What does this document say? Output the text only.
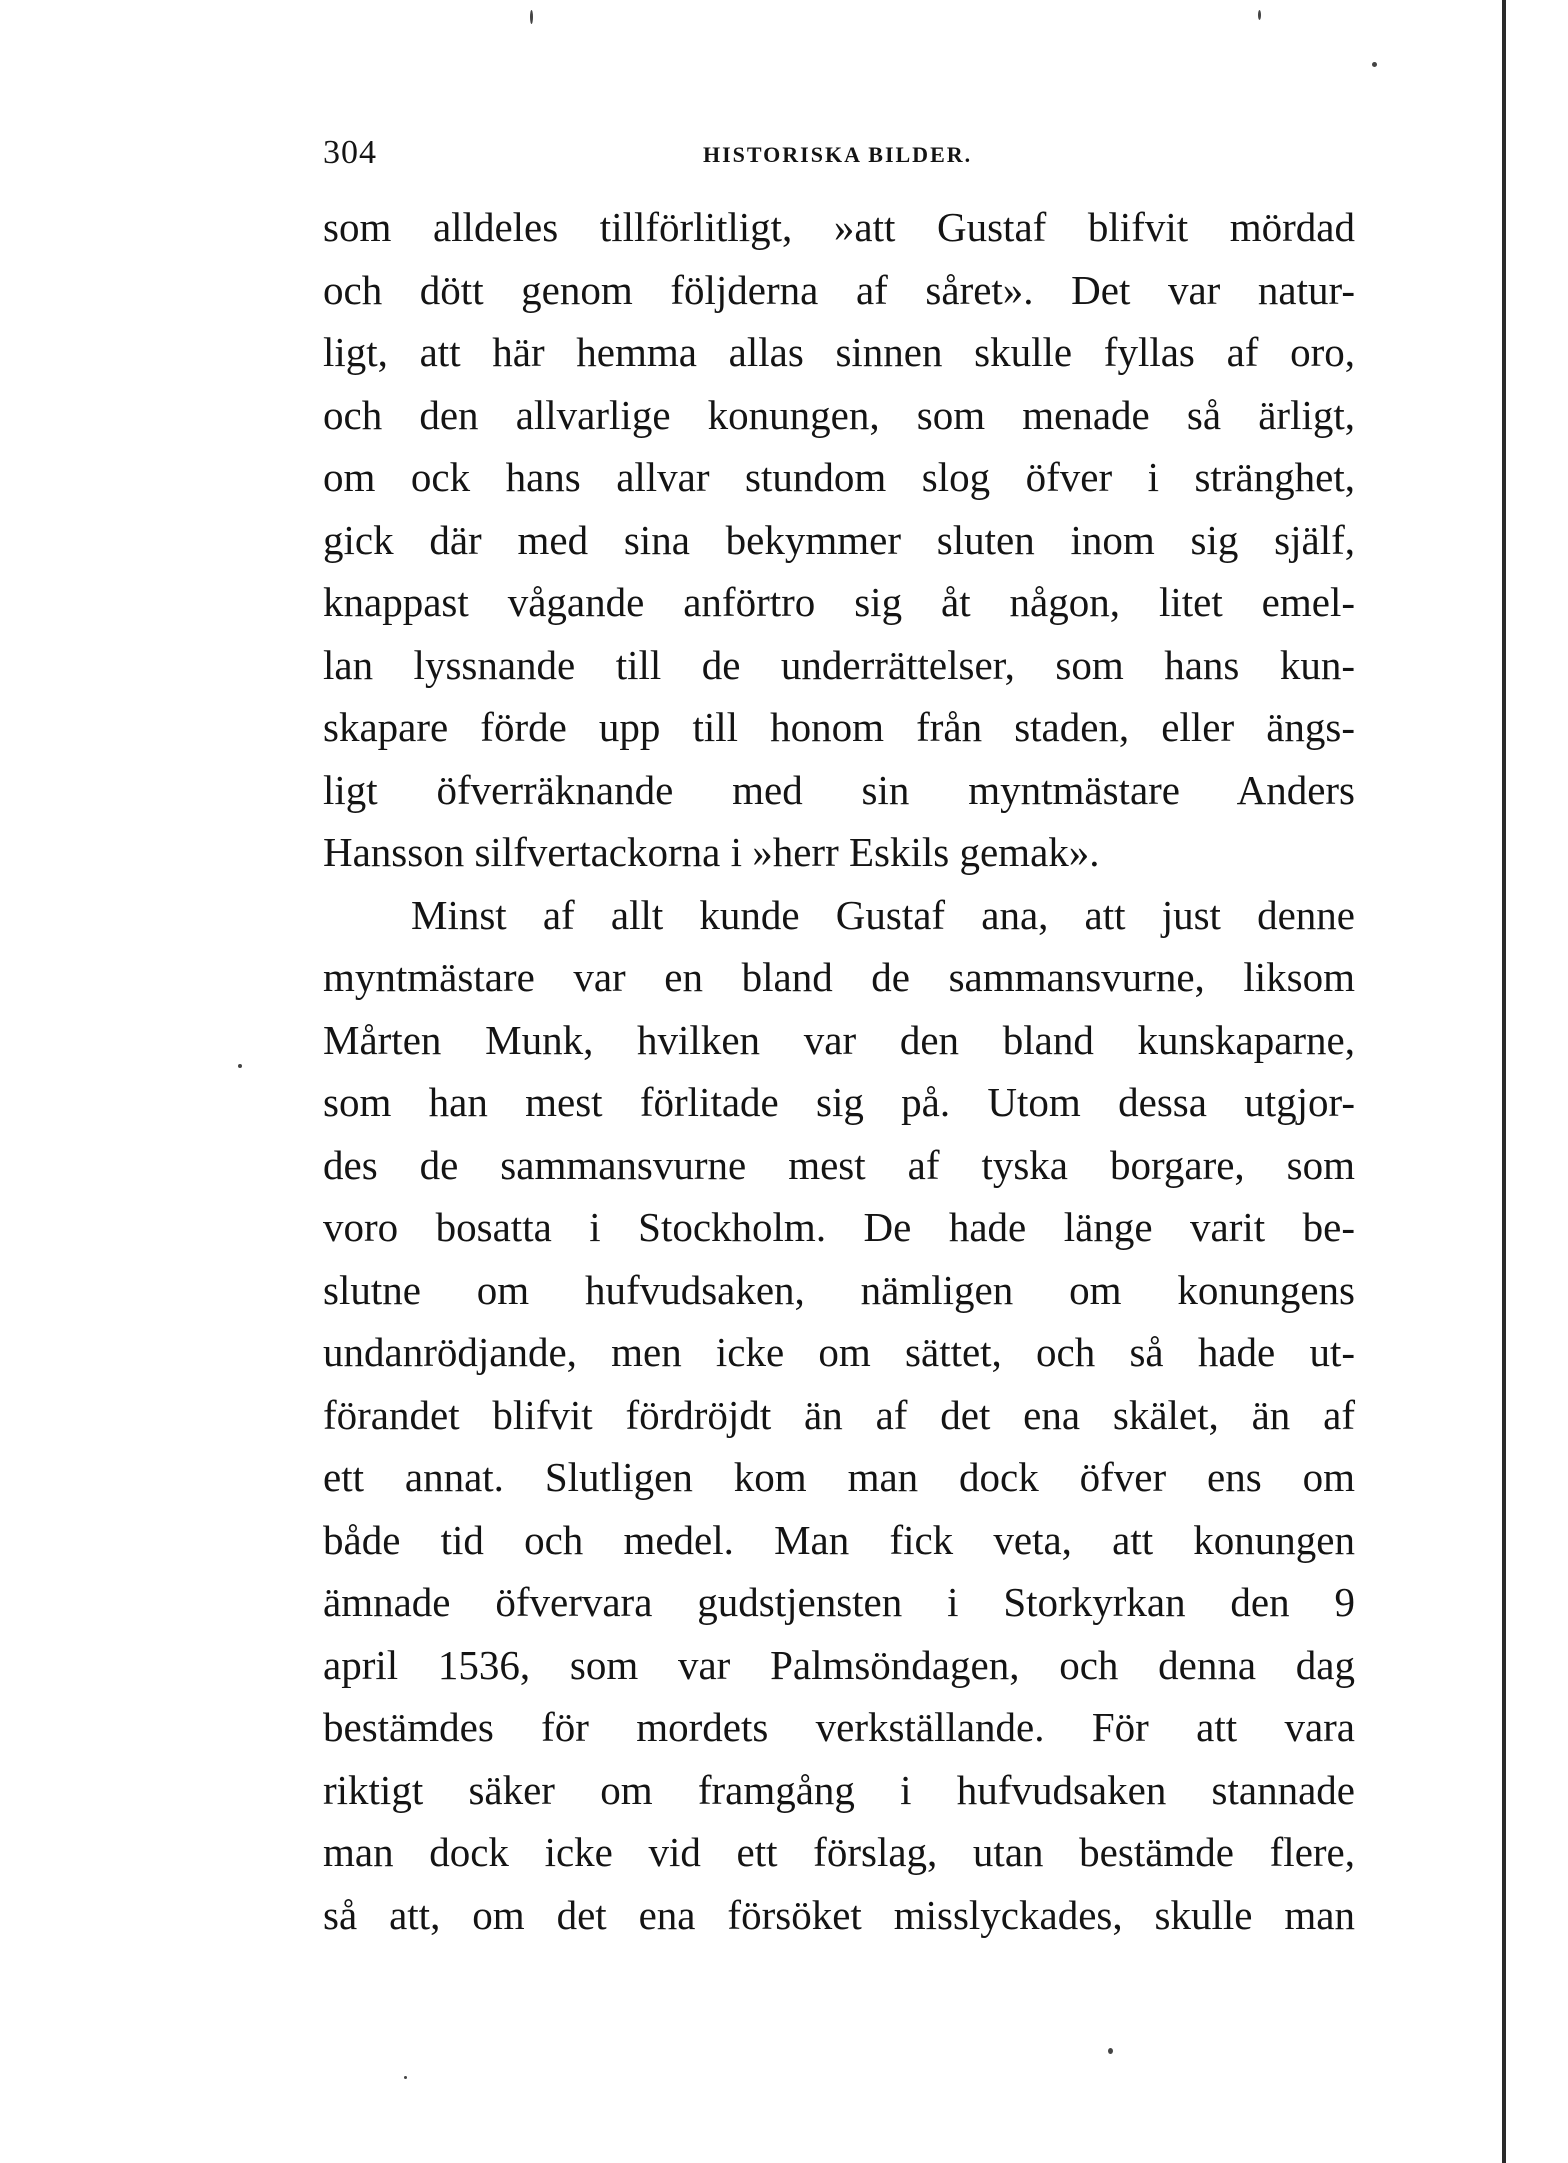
304	HISTORISKA BILDER.
som alldeles tillförlitligt, »att Gustaf blifvit mördad
och dött genom följderna af såret». Det var natur-
ligt, att här hemma allas sinnen skulle fyllas af oro,
och den allvarlige konungen, som menade så ärligt,
om ock hans allvar stundom slog öfver i stränghet,
gick där med sina bekymmer sluten inom sig själf,
knappast vågande anförtro sig åt någon, litet emel-
lan lyssnande till de underrättelser, som hans kun-
skapare förde upp till honom från staden, eller ängs-
ligt öfverräknande med sin myntmästare Anders
Hansson silfvertackorna i »herr Eskils gemak».
Minst af allt kunde Gustaf ana, att just denne
myntmästare var en bland de sammansvurne, liksom
Mårten Munk, hvilken var den bland kunskaparne,
som han mest förlitade sig på. Utom dessa utgjor-
des de sammansvurne mest af tyska borgare, som
voro bosatta i Stockholm. De hade länge varit be-
slutne om hufvudsaken, nämligen om konungens
undanrödjande, men icke om sättet, och så hade ut-
förandet blifvit fördröjdt än af det ena skälet, än af
ett annat. Slutligen kom man dock öfver ens om
både tid och medel. Man fick veta, att konungen
ämnade öfvervara gudstjensten i Storkyrkan den 9
april 1536, som var Palmsöndagen, och denna dag
bestämdes för mordets verkställande. För att vara
riktigt säker om framgång i hufvudsaken stannade
man dock icke vid ett förslag, utan bestämde flere,
så att, om det ena försöket misslyckades, skulle man
